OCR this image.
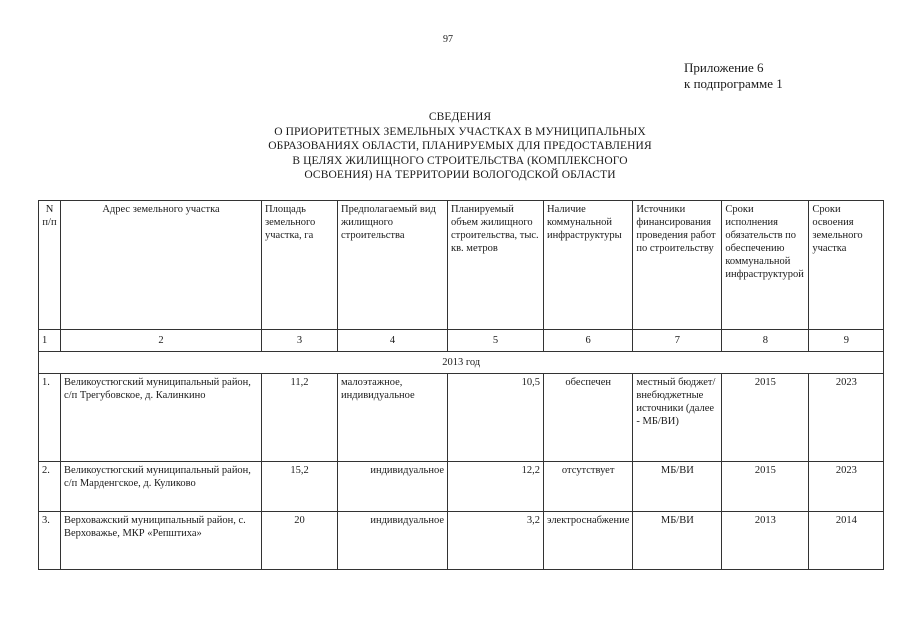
97
Приложение 6
к подпрограмме 1
СВЕДЕНИЯ
О ПРИОРИТЕТНЫХ ЗЕМЕЛЬНЫХ УЧАСТКАХ В МУНИЦИПАЛЬНЫХ
ОБРАЗОВАНИЯХ ОБЛАСТИ, ПЛАНИРУЕМЫХ ДЛЯ ПРЕДОСТАВЛЕНИЯ
В ЦЕЛЯХ ЖИЛИЩНОГО СТРОИТЕЛЬСТВА (КОМПЛЕКСНОГО
ОСВОЕНИЯ) НА ТЕРРИТОРИИ ВОЛОГОДСКОЙ ОБЛАСТИ
N п/п	Адрес земельного участка	Площадь земельного участка, га	Предполагаемый вид жилищного строительства	Планируемый объем жилищного строительства, тыс. кв. метров	Наличие коммунальной инфраструктуры	Источники финансирования проведения работ по строительству	Сроки исполнения обязательств по обеспечению коммунальной инфраструктурой	Сроки освоения земельного участка
1	2	3	4	5	6	7	8	9
2013 год								
1.	Великоустюгский муниципальный район, с/п Трегубовское, д. Калинкино	11,2	малоэтажное, индивидуальное	10,5	обеспечен	местный бюджет/внебюджетные источники (далее - МБ/ВИ)	2015	2023
2.	Великоустюгский муниципальный район, с/п Марденгское, д. Куликово	15,2	индивидуальное	12,2	отсутствует	МБ/ВИ	2015	2023
3.	Верховажский муниципальный район, с. Верховажье, МКР «Репштиха»	20	индивидуальное	3,2	электроснабжение	МБ/ВИ	2013	2014
